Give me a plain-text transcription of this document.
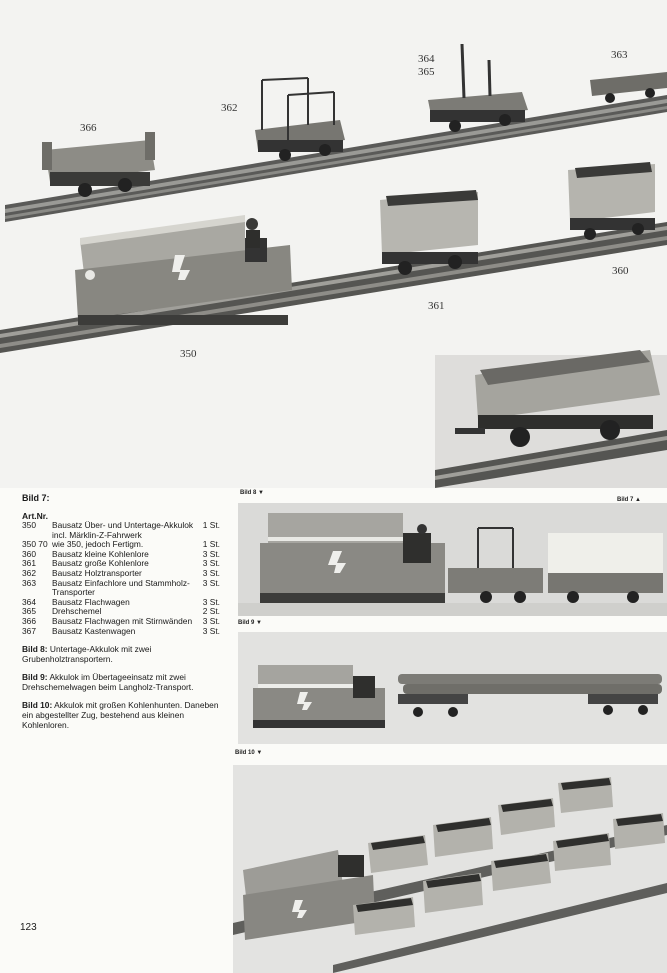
366
362
364
365
363
350
361
360
Bild 8 ▼
Bild 7 ▲
Bild 9 ▼
Bild 10 ▼
Bild 7:
Art.Nr.
350	Bausatz Über- und Untertage-Akkulok incl. Märklin-Z-Fahrwerk	1 St.
350 70	wie 350, jedoch Fertigm.	1 St.
360	Bausatz kleine Kohlenlore	3 St.
361	Bausatz große Kohlenlore	3 St.
362	Bausatz Holztransporter	3 St.
363	Bausatz Einfachlore und Stammholz-Transporter	3 St.
364	Bausatz Flachwagen	3 St.
365	Drehschemel	2 St.
366	Bausatz Flachwagen mit Stirnwänden	3 St.
367	Bausatz Kastenwagen	3 St.
Bild 8: Untertage-Akkulok mit zwei Grubenholztransportern.
Bild 9: Akkulok im Übertageeinsatz mit zwei Drehschemelwagen beim Langholz-Transport.
Bild 10: Akkulok mit großen Kohlenhunten. Daneben ein abgestellter Zug, bestehend aus kleinen Kohlenloren.
123
